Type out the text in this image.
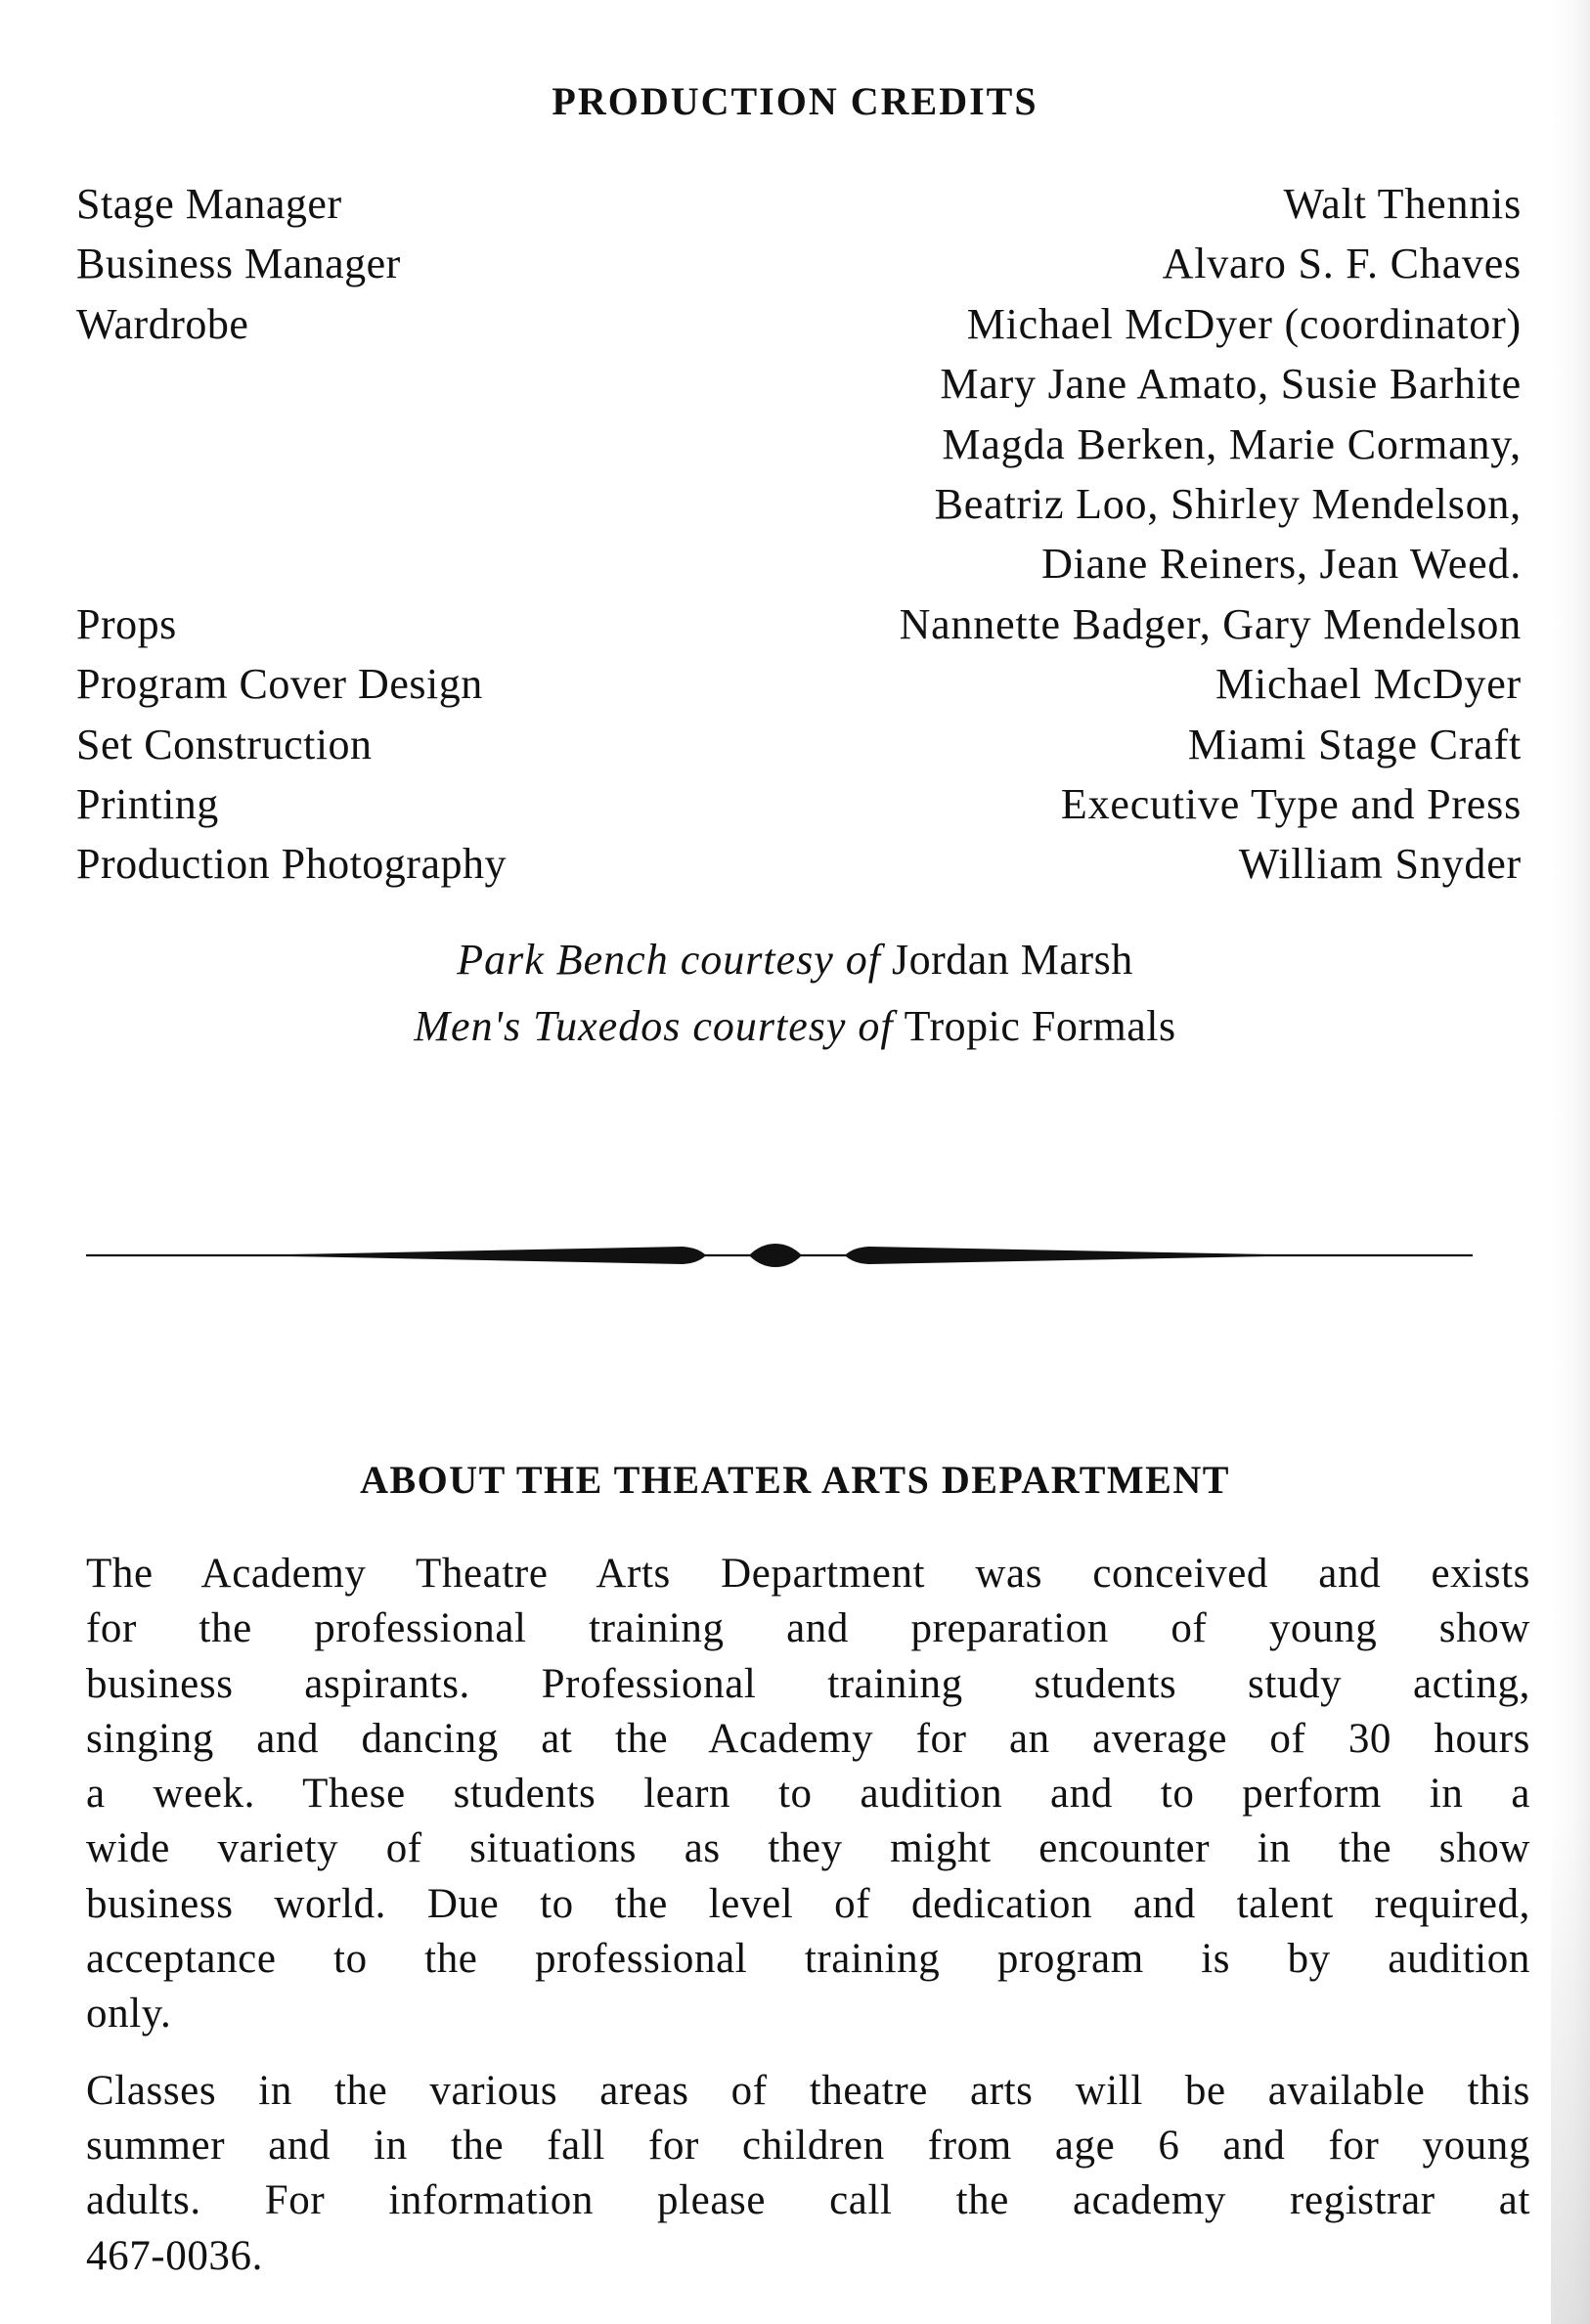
PRODUCTION CREDITS
Stage Manager	Walt Thennis
Business Manager	Alvaro S. F. Chaves
Wardrobe	Michael McDyer (coordinator)
Mary Jane Amato, Susie Barhite
Magda Berken, Marie Cormany,
Beatriz Loo, Shirley Mendelson,
Diane Reiners, Jean Weed.
Props	Nannette Badger, Gary Mendelson
Program Cover Design	Michael McDyer
Set Construction	Miami Stage Craft
Printing	Executive Type and Press
Production Photography	William Snyder
Park Bench courtesy of Jordan Marsh
Men's Tuxedos courtesy of Tropic Formals
ABOUT THE THEATER ARTS DEPARTMENT

The Academy Theatre Arts Department was conceived and exists
for the professional training and preparation of young show
business aspirants. Professional training students study acting,
singing and dancing at the Academy for an average of 30 hours
a week. These students learn to audition and to perform in a
wide variety of situations as they might encounter in the show
business world. Due to the level of dedication and talent required,
acceptance to the professional training program is by audition
only.

Classes in the various areas of theatre arts will be available this
summer and in the fall for children from age 6 and for young
adults. For information please call the academy registrar at
467-0036.
